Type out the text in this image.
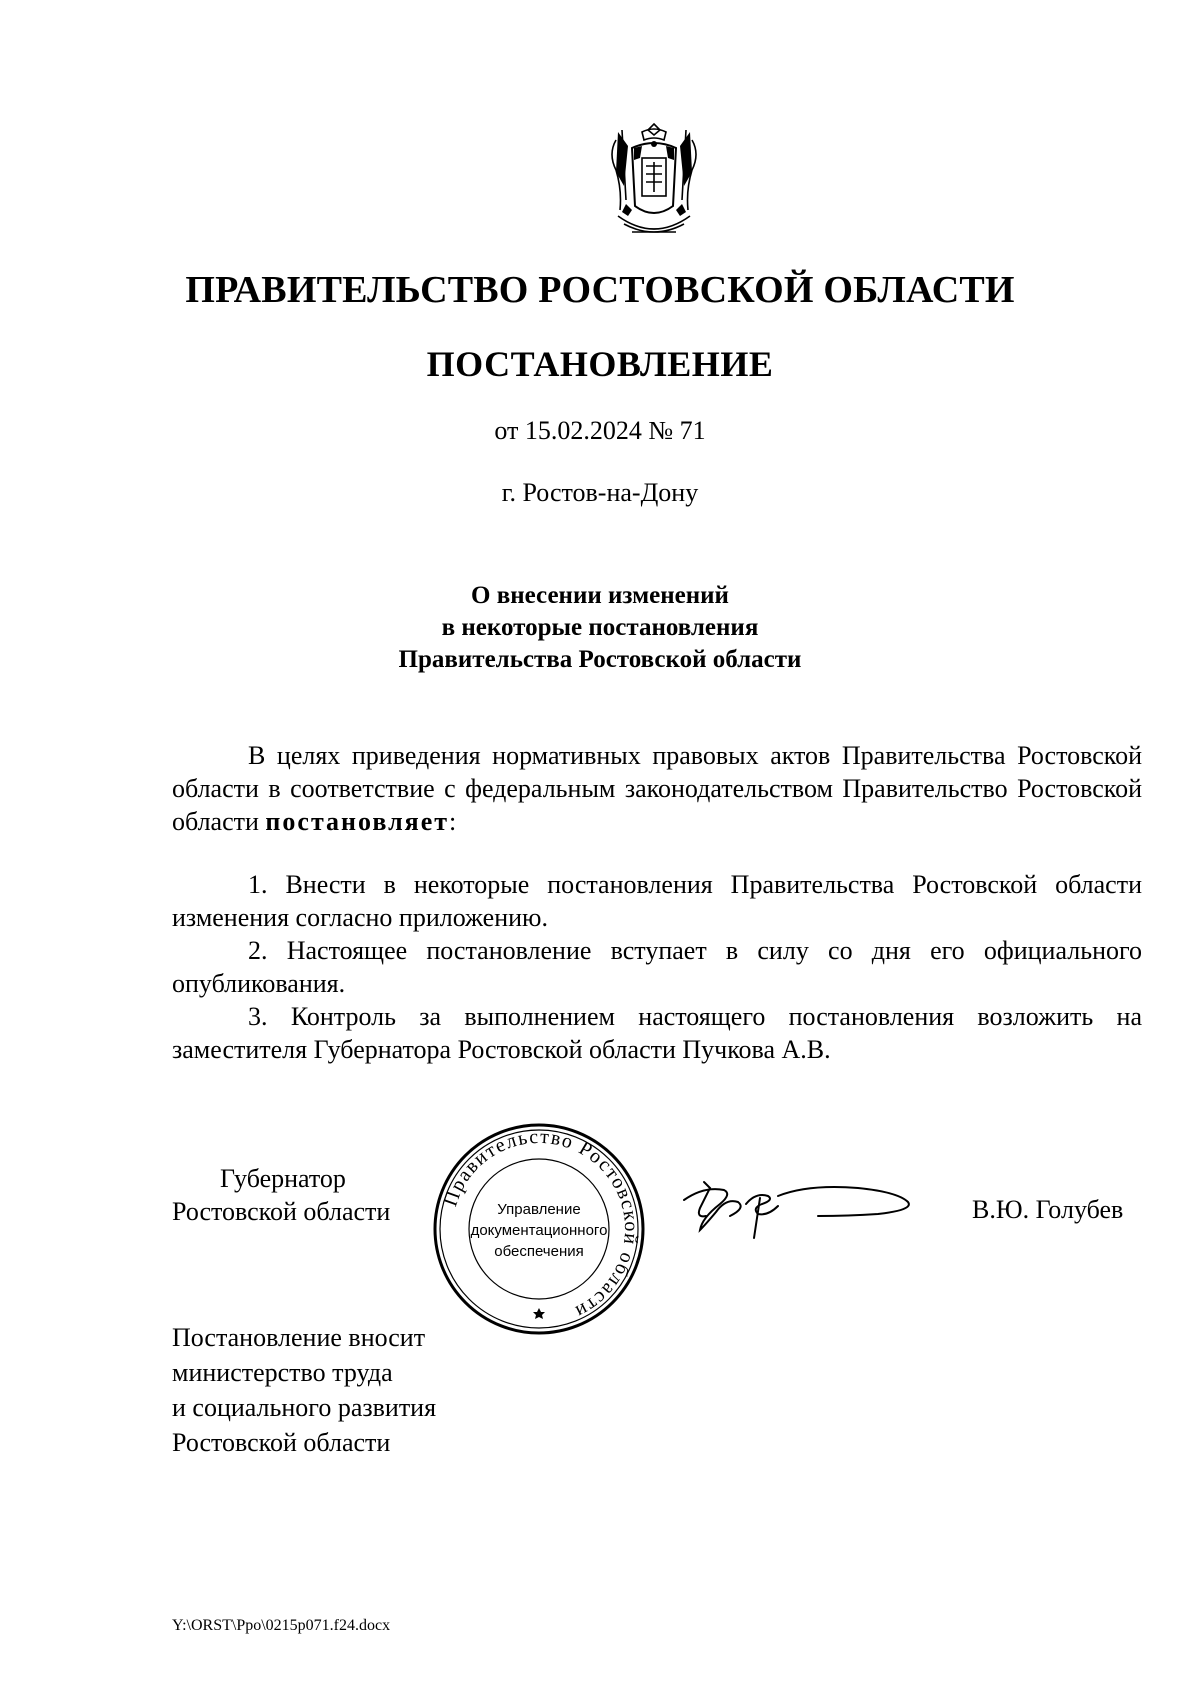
ПРАВИТЕЛЬСТВО РОСТОВСКОЙ ОБЛАСТИ
ПОСТАНОВЛЕНИЕ
от 15.02.2024 № 71
г. Ростов-на-Дону
О внесении изменений
в некоторые постановления
Правительства Ростовской области
В целях приведения нормативных правовых актов Правительства Ростовской области в соответствие с федеральным законодательством Правительство Ростовской области постановляет:
1. Внести в некоторые постановления Правительства Ростовской области изменения согласно приложению.
2. Настоящее постановление вступает в силу со дня его официального опубликования.
3. Контроль за выполнением настоящего постановления возложить на заместителя Губернатора Ростовской области Пучкова А.В.
Губернатор
Ростовской области Правительство Ростовской области
Управление
документационного
обеспечения
В.Ю. Голубев
Постановление вносит
министерство труда
и социального развития
Ростовской области
Y:\ORST\Ppo\0215p071.f24.docx
